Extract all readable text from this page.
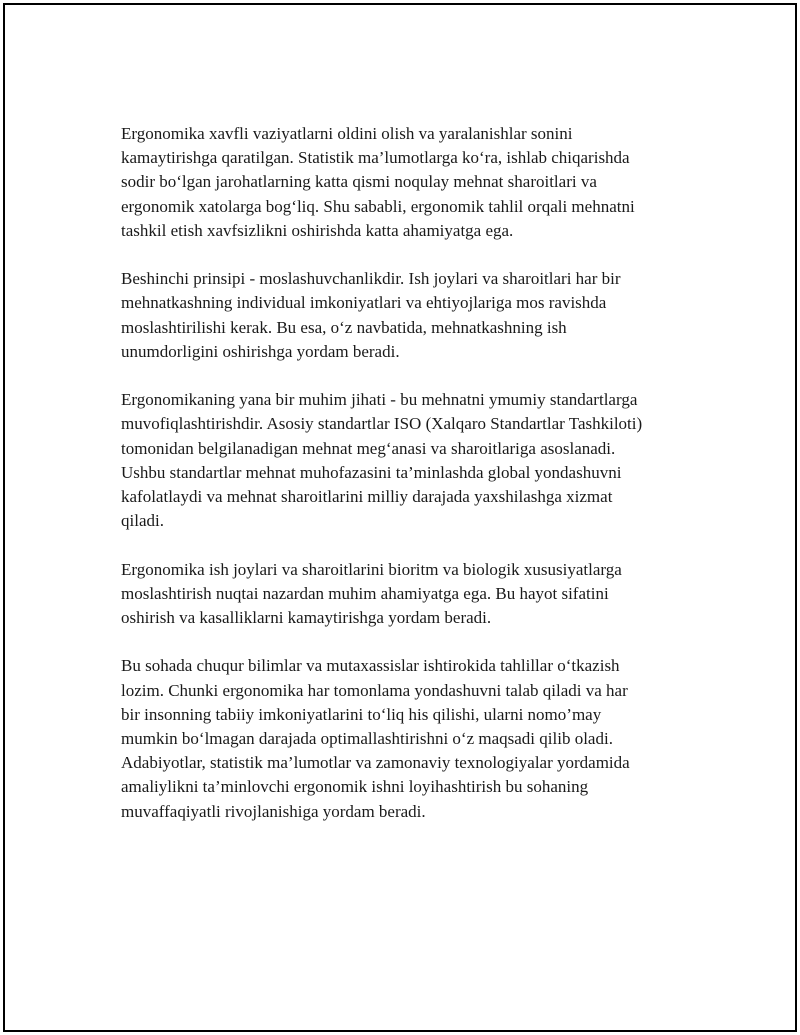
Ergonomika xavfli vaziyatlarni oldini olish va yaralanishlar sonini
kamaytirishga qaratilgan. Statistik ma’lumotlarga ko‘ra, ishlab chiqarishda
sodir bo‘lgan jarohatlarning katta qismi noqulay mehnat sharoitlari va
ergonomik xatolarga bog‘liq. Shu sababli, ergonomik tahlil orqali mehnatni
tashkil etish xavfsizlikni oshirishda katta ahamiyatga ega.

Beshinchi prinsipi - moslashuvchanlikdir. Ish joylari va sharoitlari har bir
mehnatkashning individual imkoniyatlari va ehtiyojlariga mos ravishda
moslashtirilishi kerak. Bu esa, o‘z navbatida, mehnatkashning ish
unumdorligini oshirishga yordam beradi.

Ergonomikaning yana bir muhim jihati - bu mehnatni ymumiy standartlarga
muvofiqlashtirishdir. Asosiy standartlar ISO (Xalqaro Standartlar Tashkiloti)
tomonidan belgilanadigan mehnat meg‘anasi va sharoitlariga asoslanadi.
Ushbu standartlar mehnat muhofazasini ta’minlashda global yondashuvni
kafolatlaydi va mehnat sharoitlarini milliy darajada yaxshilashga xizmat
qiladi.

Ergonomika ish joylari va sharoitlarini bioritm va biologik xususiyatlarga
moslashtirish nuqtai nazardan muhim ahamiyatga ega. Bu hayot sifatini
oshirish va kasalliklarni kamaytirishga yordam beradi.

Bu sohada chuqur bilimlar va mutaxassislar ishtirokida tahlillar o‘tkazish
lozim. Chunki ergonomika har tomonlama yondashuvni talab qiladi va har
bir insonning tabiiy imkoniyatlarini to‘liq his qilishi, ularni nomo’may
mumkin bo‘lmagan darajada optimallashtirishni o‘z maqsadi qilib oladi.
Adabiyotlar, statistik ma’lumotlar va zamonaviy texnologiyalar yordamida
amaliylikni ta’minlovchi ergonomik ishni loyihashtirish bu sohaning
muvaffaqiyatli rivojlanishiga yordam beradi.
